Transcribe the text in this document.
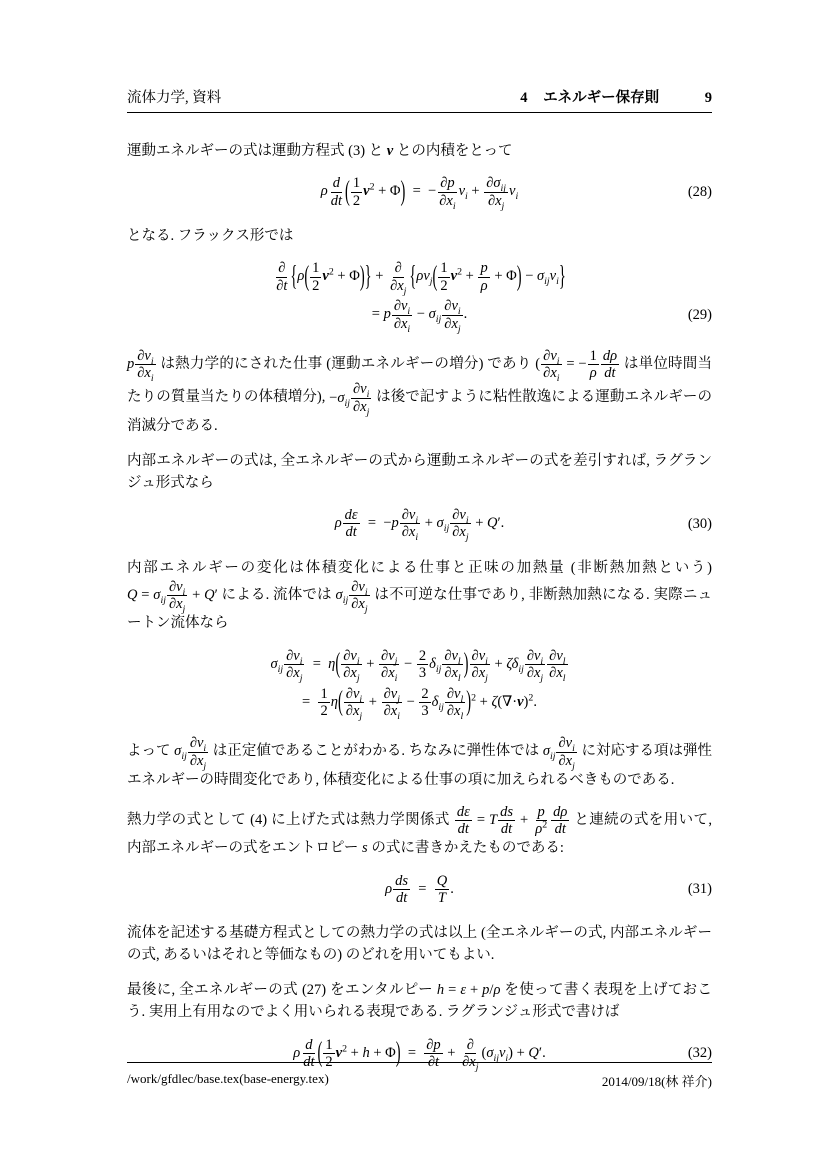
流体力学, 資料	4 エネルギー保存則	9

運動エネルギーの式は運動方程式 (3) と v との内積をとって

ρ $\frac{d}{dt}$ ( $\frac{1}{2} v^2 + \Phi$ )  = − $\frac{\partial p}{\partial x_i} v_i$ +
$\partial\sigma_{ij}$
$\partial x_j$
$v_i$	(28)

となる. フラックス形では

∂
∂t { ρ ( $\frac{1}{2} v^2 + \Phi$ ) } +
∂
$\partial x_j$ { $\rho v_j$ ( $\frac{1}{2} v^2 + \frac{p}{\rho} + \Phi$ ) − $\sigma_{ij}v_i$ }
= p $\frac{\partial v_i}{\partial x_i} - \sigma_{ij} \frac{\partial v_i}{\partial x_j}$ .	(29)

p $\frac{\partial v_i}{\partial x_i}$ は熱力学的にされた仕事 (運動エネルギーの増分) であり ( $\frac{\partial v_i}{\partial x_i}$ = − $\frac{1}{\rho} \frac{d\rho}{dt}$ は単位時間当たりの質量当たりの体積増分), $-\sigma_{ij} \frac{\partial v_i}{\partial x_j}$ は後で記すように粘性散逸による運動エネルギーの消滅分である.

内部エネルギーの式は, 全エネルギーの式から運動エネルギーの式を差引すれば, ラグランジュ形式なら

ρ $\frac{d\varepsilon}{dt}$  = $-p \frac{\partial v_i}{\partial x_i} + \sigma_{ij} \frac{\partial v_i}{\partial x_j} + Q'$.	(30)

内部エネルギーの変化は体積変化による仕事と正味の加熱量 (非断熱加熱という) $Q = \sigma_{ij} \frac{\partial v_i}{\partial x_j} + Q'$ による. 流体では $\sigma_{ij} \frac{\partial v_i}{\partial x_j}$ は不可逆な仕事であり, 非断熱加熱になる. 実際ニュートン流体なら

$\sigma_{ij} \frac{\partial v_i}{\partial x_j}$  = η ( $\frac{\partial v_i}{\partial x_j} + \frac{\partial v_j}{\partial x_i} - \frac{2}{3} \delta_{ij} \frac{\partial v_l}{\partial x_l}$ ) $\frac{\partial v_i}{\partial x_j} + \zeta\delta_{ij} \frac{\partial v_i}{\partial x_j} \frac{\partial v_l}{\partial x_l}$
=  $\frac{1}{2}$ η ( $\frac{\partial v_i}{\partial x_j} + \frac{\partial v_j}{\partial x_i} - \frac{2}{3} \delta_{ij} \frac{\partial v_l}{\partial x_l}$ ) $^2 + \zeta(\nabla\cdot v)^2$.

よって $\sigma_{ij} \frac{\partial v_i}{\partial x_j}$ は正定値であることがわかる. ちなみに弾性体では $\sigma_{ij} \frac{\partial v_i}{\partial x_j}$ に対応する項は弾性エネルギーの時間変化であり, 体積変化による仕事の項に加えられるべきものである.

熱力学の式として (4) に上げた式は熱力学関係式 $\frac{d\varepsilon}{dt} = T \frac{ds}{dt} + \frac{p}{\rho^2} \frac{d\rho}{dt}$ と連続の式を用いて, 内部エネルギーの式をエントロピー s の式に書きかえたものである:

ρ $\frac{ds}{dt}$  =  $\frac{Q}{T}$ .	(31)

流体を記述する基礎方程式としての熱力学の式は以上 (全エネルギーの式, 内部エネルギーの式, あるいはそれと等価なもの) のどれを用いてもよい.

最後に, 全エネルギーの式 (27) をエンタルピー h = ε + p/ρ を使って書く表現を上げておこう. 実用上有用なのでよく用いられる表現である. ラグランジュ形式で書けば

ρ $\frac{d}{dt}$ ( $\frac{1}{2} v^2 + h + \Phi$ )  =  $\frac{\partial p}{\partial t}$ +
∂
$\partial x_j$
$(\sigma_{ij}v_i) + Q'$.	(32)
/work/gfdlec/base.tex(base-energy.tex)	2014/09/18(林 祥介)
